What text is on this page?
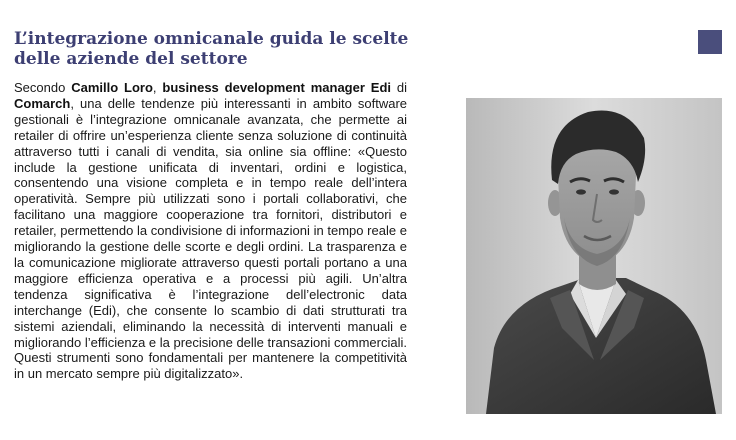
L’integrazione omnicanale guida le scelte delle aziende del settore
Secondo Camillo Loro, business development manager Edi di Comarch, una delle tendenze più interessanti in ambito software gestionali è l’integrazione omnicanale avanzata, che permette ai retailer di offrire un’esperienza cliente senza soluzione di continuità attraverso tutti i canali di vendita, sia online sia offline: «Questo include la gestione unificata di inventari, ordini e logistica, consentendo una visione completa e in tempo reale dell’intera operatività. Sempre più utilizzati sono i portali collaborativi, che facilitano una maggiore cooperazione tra fornitori, distributori e retailer, permettendo la condivisione di informazioni in tempo reale e migliorando la gestione delle scorte e degli ordini. La trasparenza e la comunicazione migliorate attraverso questi portali portano a una maggiore efficienza operativa e a processi più agili. Un’altra tendenza significativa è l’integrazione dell’electronic data interchange (Edi), che consente lo scambio di dati strutturati tra sistemi aziendali, eliminando la necessità di interventi manuali e migliorando l’efficienza e la precisione delle transazioni commerciali. Questi strumenti sono fondamentali per mantenere la competitività in un mercato sempre più digitalizzato».
